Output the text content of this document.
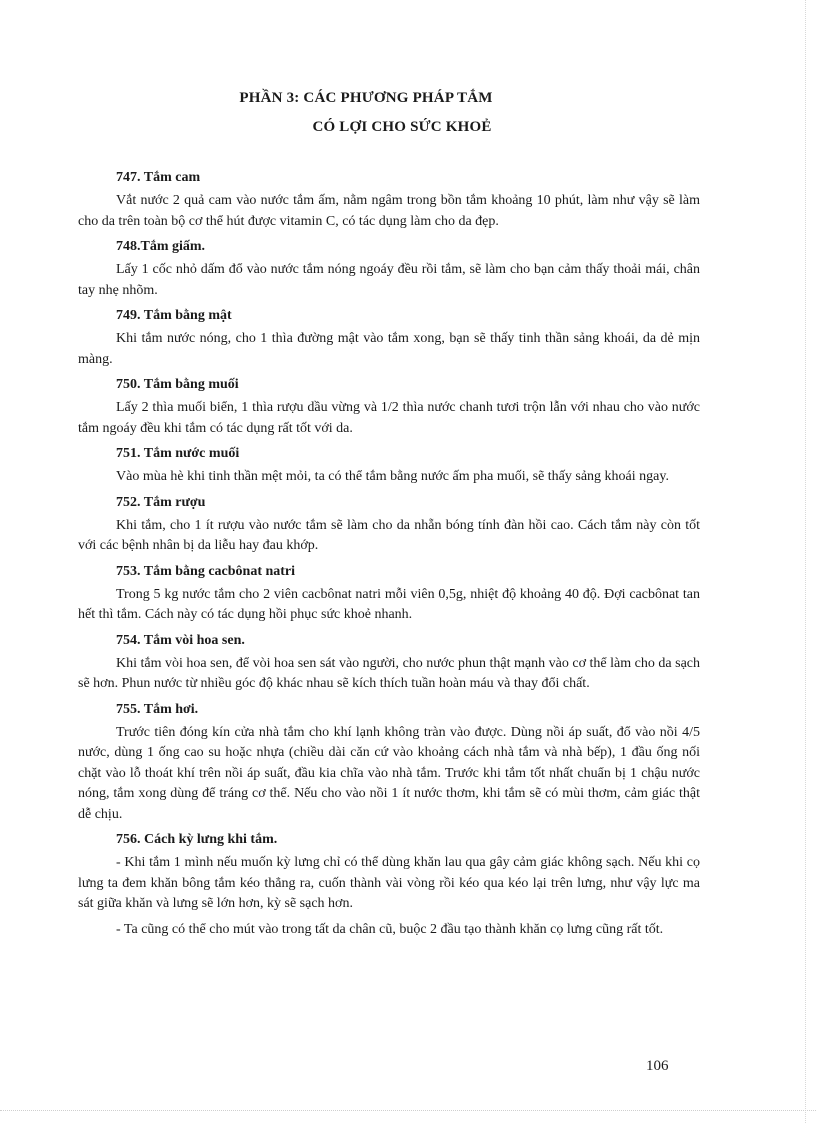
PHẦN 3: CÁC PHƯƠNG PHÁP TẮM
CÓ LỢI CHO SỨC KHOẺ
747. Tắm cam

Vắt nước 2 quả cam vào nước tắm ấm, nằm ngâm trong bồn tắm khoảng 10 phút, làm như vậy sẽ làm cho da trên toàn bộ cơ thể hút được vitamin C, có tác dụng làm cho da đẹp.

748.Tắm giấm.

Lấy 1 cốc nhỏ dấm đổ vào nước tắm nóng ngoáy đều rồi tắm, sẽ làm cho bạn cảm thấy thoải mái, chân tay nhẹ nhõm.

749. Tắm bằng mật

Khi tắm nước nóng, cho 1 thìa đường mật vào tắm xong, bạn sẽ thấy tinh thần sảng khoái, da dẻ mịn màng.

750. Tắm bằng muối

Lấy 2 thìa muối biển, 1 thìa rượu dầu vừng và 1/2 thìa nước chanh tươi trộn lẫn với nhau cho vào nước tắm ngoáy đều khi tắm có tác dụng rất tốt với da.

751. Tắm nước muối

Vào mùa hè khi tinh thần mệt mỏi, ta có thể tắm bằng nước ấm pha muối, sẽ thấy sảng khoái ngay.

752. Tắm rượu

Khi tắm, cho 1 ít rượu vào nước tắm sẽ làm cho da nhẵn bóng tính đàn hồi cao. Cách tắm này còn tốt với các bệnh nhân bị da liễu hay đau khớp.

753. Tắm bằng cacbônat natri

Trong 5 kg nước tắm cho 2 viên cacbônat natri mỗi viên 0,5g, nhiệt độ khoảng 40 độ. Đợi cacbônat tan hết thì tắm. Cách này có tác dụng hồi phục sức khoẻ nhanh.

754. Tắm vòi hoa sen.

Khi tắm vòi hoa sen, để vòi hoa sen sát vào người, cho nước phun thật mạnh vào cơ thể làm cho da sạch sẽ hơn. Phun nước từ nhiều góc độ khác nhau sẽ kích thích tuần hoàn máu và thay đổi chất.

755. Tắm hơi.

Trước tiên đóng kín cửa nhà tắm cho khí lạnh không tràn vào được. Dùng nồi áp suất, đổ vào nồi 4/5 nước, dùng 1 ống cao su hoặc nhựa (chiều dài căn cứ vào khoảng cách nhà tắm và nhà bếp), 1 đầu ống nối chặt vào lỗ thoát khí trên nồi áp suất, đầu kia chĩa vào nhà tắm. Trước khi tắm tốt nhất chuẩn bị 1 chậu nước nóng, tắm xong dùng để tráng cơ thể. Nếu cho vào nồi 1 ít nước thơm, khi tắm sẽ có mùi thơm, cảm giác thật dễ chịu.

756. Cách kỳ lưng khi tắm.

- Khi tắm 1 mình nếu muốn kỳ lưng chỉ có thể dùng khăn lau qua gây cảm giác không sạch. Nếu khi cọ lưng ta đem khăn bông tắm kéo thẳng ra, cuốn thành vài vòng rồi kéo qua kéo lại trên lưng, như vậy lực ma sát giữa khăn và lưng sẽ lớn hơn, kỳ sẽ sạch hơn.

- Ta cũng có thể cho mút vào trong tất da chân cũ, buộc 2 đầu tạo thành khăn cọ lưng cũng rất tốt.

106
